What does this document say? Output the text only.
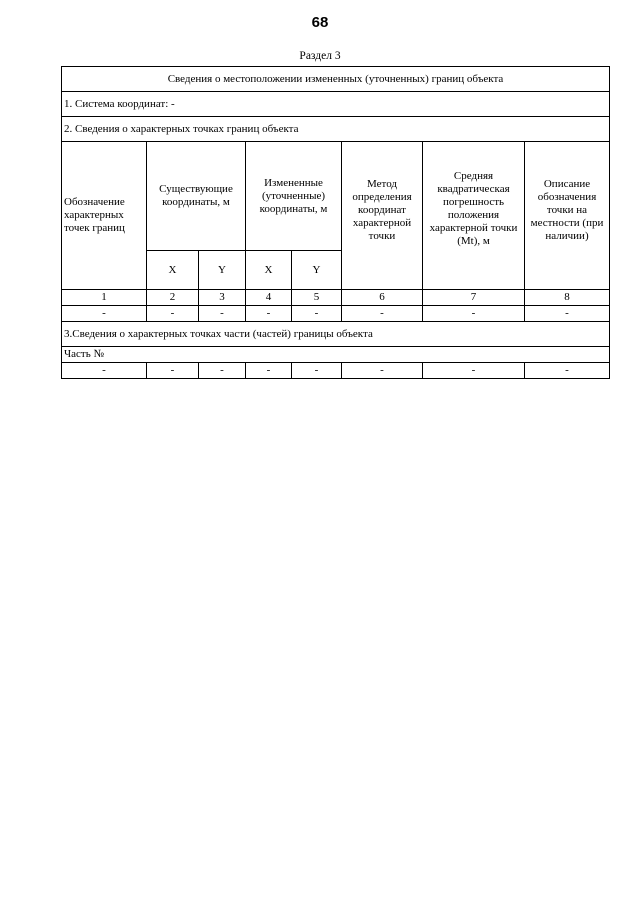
68
Раздел 3
Сведения о местоположении измененных (уточненных) границ объекта							
1. Система координат: -							
2. Сведения о характерных точках границ объекта							
Обозначение характерных точек границ	Существующие координаты, м		Измененные (уточненные) координаты, м		Метод определения координат характерной точки	Средняя квадратическая погрешность положения характерной точки (Mt), м	Описание обозначения точки на местности (при наличии)
	X	Y	X	Y			
1	2	3	4	5	6	7	8
-	-	-	-	-	-	-	-
3.Сведения о характерных точках части (частей) границы объекта							
Часть №							
-	-	-	-	-	-	-	-
